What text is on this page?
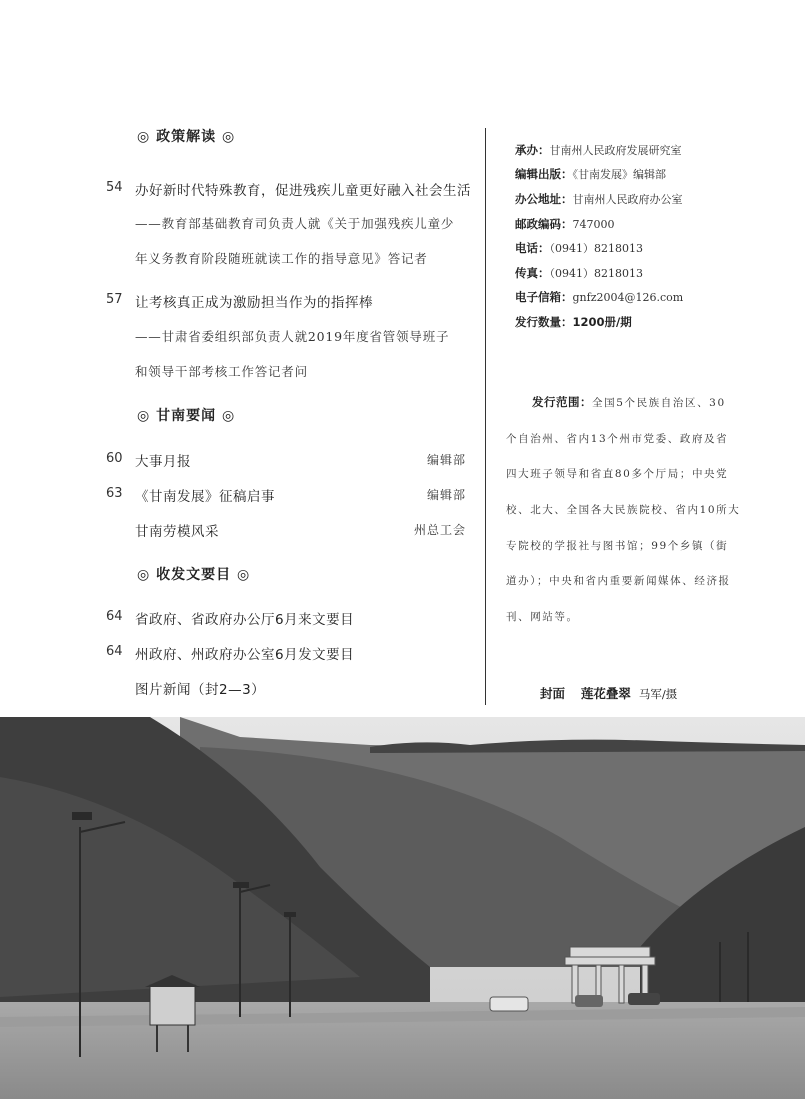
◎ 政策解读 ◎
54 办好新时代特殊教育，促进残疾儿童更好融入社会生活
——教育部基础教育司负责人就《关于加强残疾儿童少
年义务教育阶段随班就读工作的指导意见》答记者
57 让考核真正成为激励担当作为的指挥棒
——甘肃省委组织部负责人就2019年度省管领导班子
和领导干部考核工作答记者问
◎ 甘南要闻 ◎
60 大事月报	编辑部
63 《甘南发展》征稿启事	编辑部
甘南劳模风采	州总工会
◎ 收发文要目 ◎
64 省政府、省政府办公厅6月来文要目
64 州政府、州政府办公室6月发文要目
图片新闻（封2—3）
承办：甘南州人民政府发展研究室
编辑出版：《甘南发展》编辑部
办公地址：甘南州人民政府办公室
邮政编码：747000
电话：（0941）8218013
传真：（0941）8218013
电子信箱：gnfz2004@126.com
发行数量：1200册/期
发行范围：全国5个民族自治区、30
个自治州、省内13个州市党委、政府及省
四大班子领导和省直80多个厅局；中央党
校、北大、全国各大民族院校、省内10所大
专院校的学报社与图书馆；99个乡镇（街
道办）；中央和省内重要新闻媒体、经济报
刊、网站等。
封面 莲花叠翠 马军/摄
